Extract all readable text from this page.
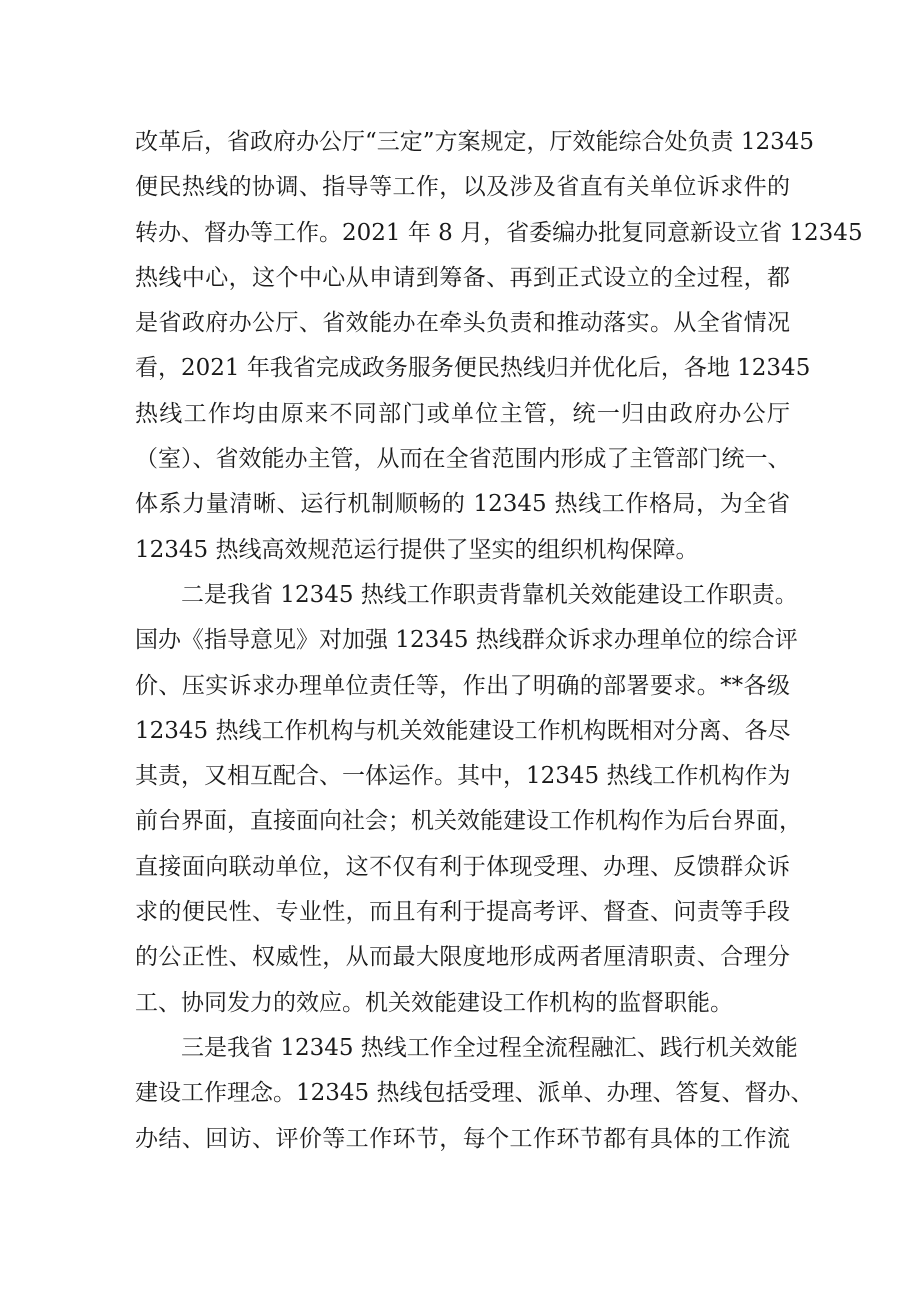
改革后，省政府办公厅“三定”方案规定，厅效能综合处负责 12345
便民热线的协调、指导等工作，以及涉及省直有关单位诉求件的
转办、督办等工作。2021 年 8 月，省委编办批复同意新设立省 12345
热线中心，这个中心从申请到筹备、再到正式设立的全过程，都
是省政府办公厅、省效能办在牵头负责和推动落实。从全省情况
看，2021 年我省完成政务服务便民热线归并优化后，各地 12345
热线工作均由原来不同部门或单位主管，统一归由政府办公厅
（室）、省效能办主管，从而在全省范围内形成了主管部门统一、
体系力量清晰、运行机制顺畅的 12345 热线工作格局，为全省
12345 热线高效规范运行提供了坚实的组织机构保障。
二是我省 12345 热线工作职责背靠机关效能建设工作职责。
国办《指导意见》对加强 12345 热线群众诉求办理单位的综合评
价、压实诉求办理单位责任等，作出了明确的部署要求。**各级
12345 热线工作机构与机关效能建设工作机构既相对分离、各尽
其责，又相互配合、一体运作。其中，12345 热线工作机构作为
前台界面，直接面向社会；机关效能建设工作机构作为后台界面，
直接面向联动单位，这不仅有利于体现受理、办理、反馈群众诉
求的便民性、专业性，而且有利于提高考评、督查、问责等手段
的公正性、权威性，从而最大限度地形成两者厘清职责、合理分
工、协同发力的效应。机关效能建设工作机构的监督职能。
三是我省 12345 热线工作全过程全流程融汇、践行机关效能
建设工作理念。12345 热线包括受理、派单、办理、答复、督办、
办结、回访、评价等工作环节，每个工作环节都有具体的工作流
